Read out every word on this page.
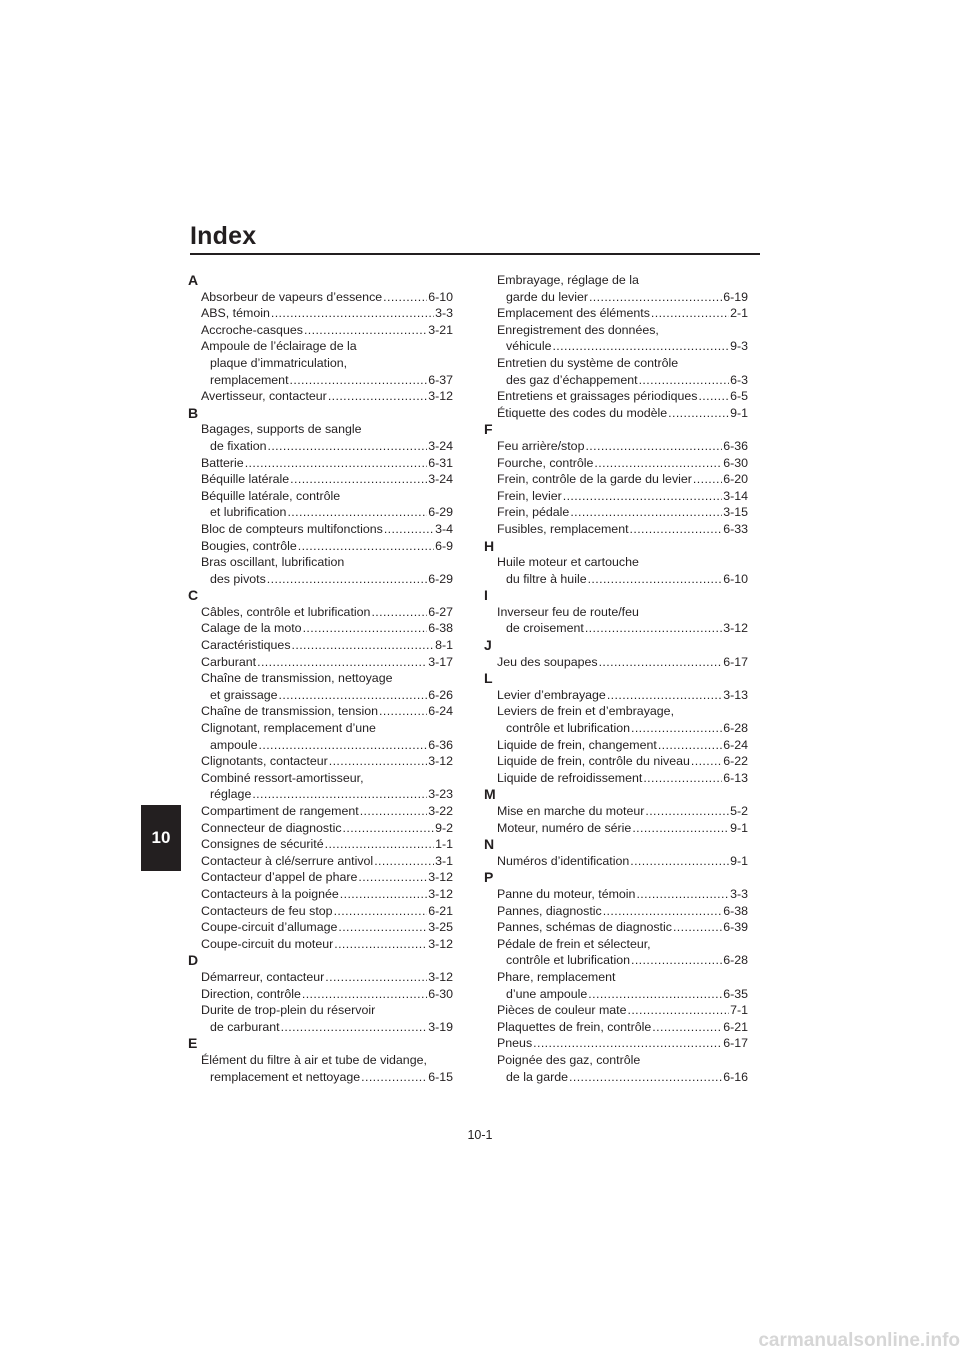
Index
10
A
Absorbeur de vapeurs d’essence .....	6-10
ABS, témoin .....	3-3
Accroche-casques .....	3-21
Ampoule de l’éclairage de la
plaque d’immatriculation,
remplacement .....	6-37
Avertisseur, contacteur .....	3-12
B
Bagages, supports de sangle
de fixation .....	3-24
Batterie .....	6-31
Béquille latérale .....	3-24
Béquille latérale, contrôle
et lubrification .....	6-29
Bloc de compteurs multifonctions .....	3-4
Bougies, contrôle .....	6-9
Bras oscillant, lubrification
des pivots .....	6-29
C
Câbles, contrôle et lubrification .....	6-27
Calage de la moto .....	6-38
Caractéristiques .....	8-1
Carburant .....	3-17
Chaîne de transmission, nettoyage
et graissage .....	6-26
Chaîne de transmission, tension .....	6-24
Clignotant, remplacement d’une
ampoule .....	6-36
Clignotants, contacteur .....	3-12
Combiné ressort-amortisseur,
réglage .....	3-23
Compartiment de rangement .....	3-22
Connecteur de diagnostic .....	9-2
Consignes de sécurité .....	1-1
Contacteur à clé/serrure antivol .....	3-1
Contacteur d’appel de phare .....	3-12
Contacteurs à la poignée .....	3-12
Contacteurs de feu stop .....	6-21
Coupe-circuit d’allumage .....	3-25
Coupe-circuit du moteur .....	3-12
D
Démarreur, contacteur .....	3-12
Direction, contrôle .....	6-30
Durite de trop-plein du réservoir
de carburant .....	3-19
E
Élément du filtre à air et tube de vidange,
remplacement et nettoyage .....	6-15
Embrayage, réglage de la
garde du levier .....	6-19
Emplacement des éléments .....	2-1
Enregistrement des données,
véhicule .....	9-3
Entretien du système de contrôle
des gaz d’échappement .....	6-3
Entretiens et graissages périodiques .....	6-5
Étiquette des codes du modèle .....	9-1
F
Feu arrière/stop .....	6-36
Fourche, contrôle .....	6-30
Frein, contrôle de la garde du levier .....	6-20
Frein, levier .....	3-14
Frein, pédale .....	3-15
Fusibles, remplacement .....	6-33
H
Huile moteur et cartouche
du filtre à huile .....	6-10
I
Inverseur feu de route/feu
de croisement .....	3-12
J
Jeu des soupapes .....	6-17
L
Levier d’embrayage .....	3-13
Leviers de frein et d’embrayage,
contrôle et lubrification .....	6-28
Liquide de frein, changement .....	6-24
Liquide de frein, contrôle du niveau .....	6-22
Liquide de refroidissement .....	6-13
M
Mise en marche du moteur .....	5-2
Moteur, numéro de série .....	9-1
N
Numéros d’identification .....	9-1
P
Panne du moteur, témoin .....	3-3
Pannes, diagnostic .....	6-38
Pannes, schémas de diagnostic .....	6-39
Pédale de frein et sélecteur,
contrôle et lubrification .....	6-28
Phare, remplacement
d’une ampoule .....	6-35
Pièces de couleur mate .....	7-1
Plaquettes de frein, contrôle .....	6-21
Pneus .....	6-17
Poignée des gaz, contrôle
de la garde .....	6-16
10-1
carmanualsonline.info
